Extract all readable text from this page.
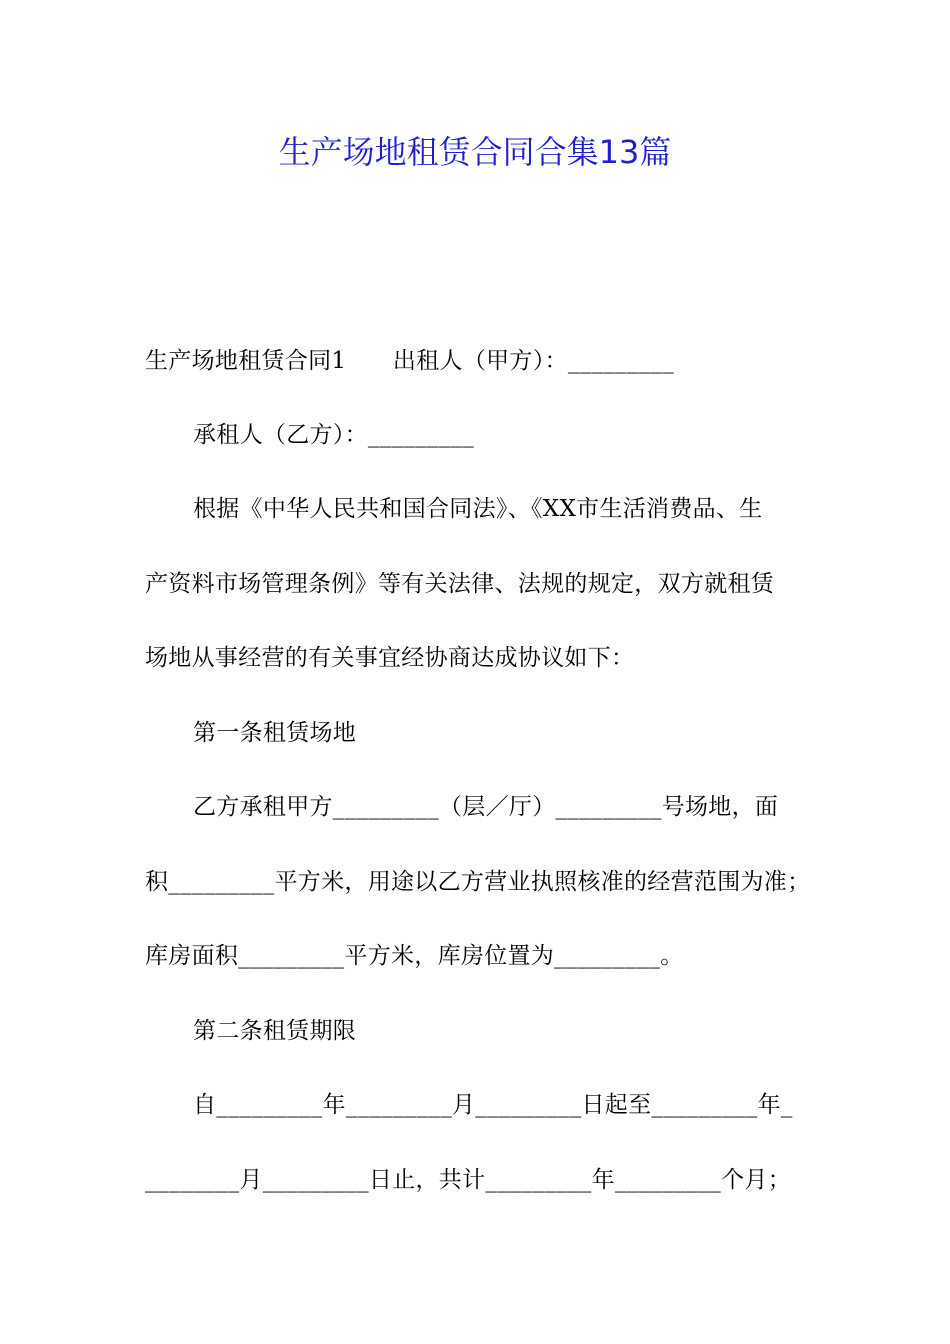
生产场地租赁合同合集13篇
生产场地租赁合同1　　出租人（甲方）：_________
承租人（乙方）：_________
根据《中华人民共和国合同法》、《XX市生活消费品、生
产资料市场管理条例》等有关法律、法规的规定，双方就租赁
场地从事经营的有关事宜经协商达成协议如下：
第一条租赁场地
乙方承租甲方_________（层／厅）_________号场地，面
积_________平方米，用途以乙方营业执照核准的经营范围为准；
库房面积_________平方米，库房位置为_________。
第二条租赁期限
自_________年_________月_________日起至_________年_
________月_________日止，共计_________年_________个月；
